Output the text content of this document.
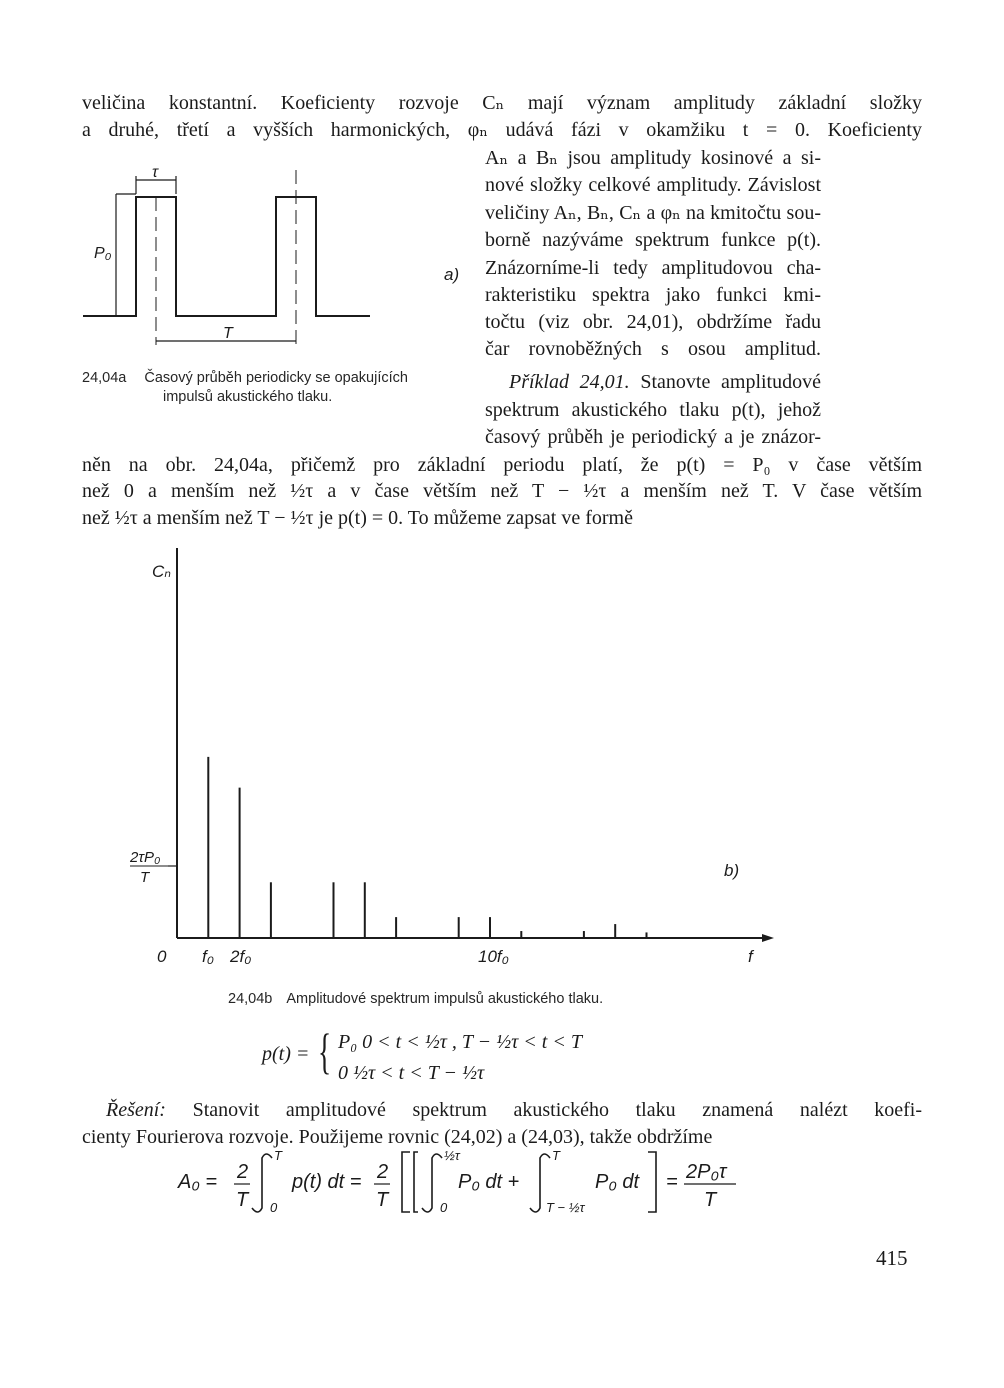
veličina konstantní. Koeficienty rozvoje Cₙ mají význam amplitudy základní složky

a druhé, třetí a vyšších harmonických, φₙ udává fázi v okamžiku t = 0. Koeficienty

Aₙ a Bₙ jsou amplitudy kosinové a si-

nové složky celkové amplitudy. Závislost

veličiny Aₙ, Bₙ, Cₙ a φₙ na kmitočtu sou-

borně nazýváme spektrum funkce p(t).

Znázorníme-li tedy amplitudovou cha-

rakteristiku spektra jako funkci kmi-

točtu (viz obr. 24,01), obdržíme řadu

čar rovnoběžných s osou amplitud.

Příklad 24,01. Stanovte amplitudové

spektrum akustického tlaku p(t), jehož

časový průběh je periodický a je znázor-

τ
P₀
T
a)
24,04a Časový průběh periodicky se opakujících
impulsů akustického tlaku.

něn na obr. 24,04a, přičemž pro základní periodu platí, že p(t) = P₀ v čase větším

než 0 a menším než ½τ a v čase větším než T − ½τ a menším než T. V čase větším

než ½τ a menším než T − ½τ je p(t) = 0. To můžeme zapsat ve formě

Cₙ
2τP₀
T	b)
0 f₀ 2f₀	10f₀	f
24,04b Amplitudové spektrum impulsů akustického tlaku.
p(t) = { P₀ 0 < t < ½τ , T − ½τ < t < T
0 ½τ < t < T − ½τ

Řešení: Stanovit amplitudové spektrum akustického tlaku znamená nalézt koefi-

cienty Fourierova rozvoje. Použijeme rovnic (24,02) a (24,03), takže obdržíme

A₀ = 2
T
T
0
p(t) dt = 2
T
½τ
0
P₀ dt +
T
T − ½τ
P₀ dt = 2P₀τ
T
415
